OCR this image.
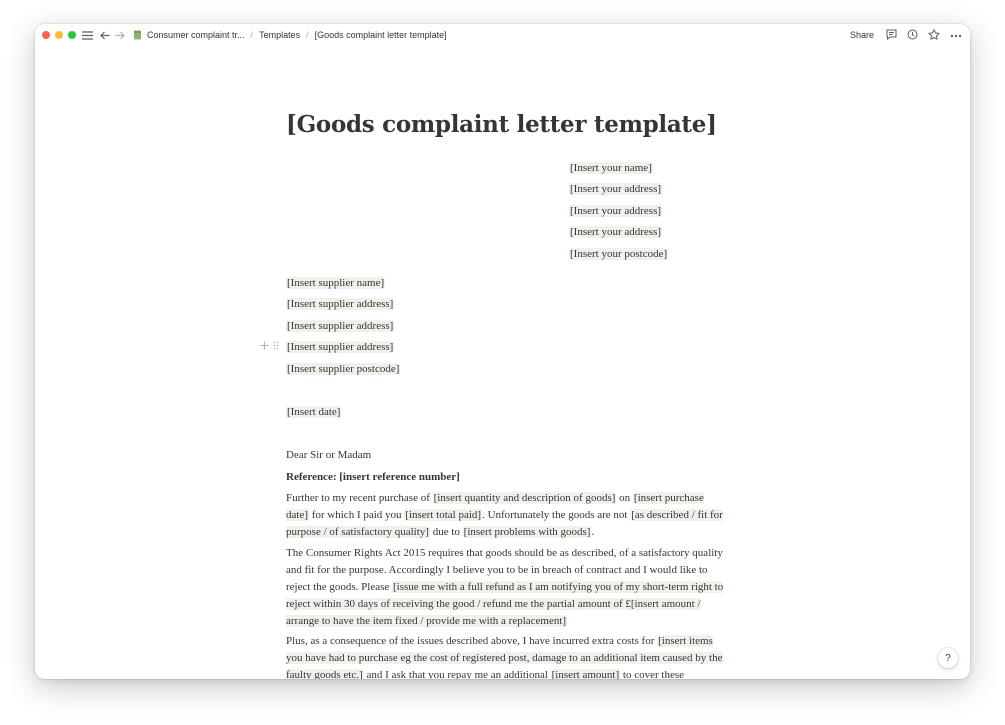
Consumer complaint tr... / Templates / [Goods complaint letter template]	Share
[Goods complaint letter template]
[Insert your name]
[Insert your address]
[Insert your address]
[Insert your address]
[Insert your postcode]
[Insert supplier name]
[Insert supplier address]
[Insert supplier address]
[Insert supplier address]
[Insert supplier postcode]
[Insert date]
Dear Sir or Madam
Reference: [insert reference number]
Further to my recent purchase of [insert quantity and description of goods] on [insert purchase date] for which I paid you [insert total paid]. Unfortunately the goods are not [as described / fit for purpose / of satisfactory quality] due to [insert problems with goods].
The Consumer Rights Act 2015 requires that goods should be as described, of a satisfactory quality and fit for the purpose. Accordingly I believe you to be in breach of contract and I would like to reject the goods. Please [issue me with a full refund as I am notifying you of my short-term right to reject within 30 days of receiving the good / refund me the partial amount of £[insert amount / arrange to have the item fixed / provide me with a replacement]
Plus, as a consequence of the issues described above, I have incurred extra costs for [insert items you have had to purchase eg the cost of registered post, damage to an additional item caused by the faulty goods etc.] and I ask that you repay me an additional [insert amount] to cover these
?
